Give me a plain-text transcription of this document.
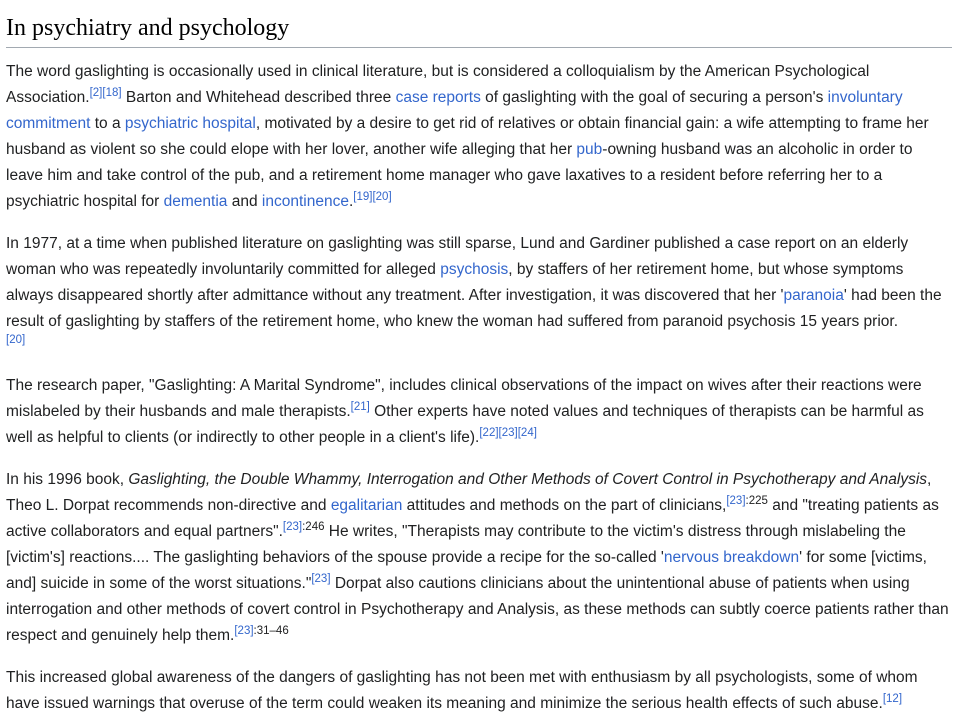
In psychiatry and psychology

The word gaslighting is occasionally used in clinical literature, but is considered a colloquialism by the American Psychological Association.[2][18] Barton and Whitehead described three case reports of gaslighting with the goal of securing a person's involuntary commitment to a psychiatric hospital, motivated by a desire to get rid of relatives or obtain financial gain: a wife attempting to frame her husband as violent so she could elope with her lover, another wife alleging that her pub-owning husband was an alcoholic in order to leave him and take control of the pub, and a retirement home manager who gave laxatives to a resident before referring her to a psychiatric hospital for dementia and incontinence.[19][20]

In 1977, at a time when published literature on gaslighting was still sparse, Lund and Gardiner published a case report on an elderly woman who was repeatedly involuntarily committed for alleged psychosis, by staffers of her retirement home, but whose symptoms always disappeared shortly after admittance without any treatment. After investigation, it was discovered that her 'paranoia' had been the result of gaslighting by staffers of the retirement home, who knew the woman had suffered from paranoid psychosis 15 years prior.

[20]

The research paper, "Gaslighting: A Marital Syndrome", includes clinical observations of the impact on wives after their reactions were mislabeled by their husbands and male therapists.[21] Other experts have noted values and techniques of therapists can be harmful as well as helpful to clients (or indirectly to other people in a client's life).[22][23][24]

In his 1996 book, Gaslighting, the Double Whammy, Interrogation and Other Methods of Covert Control in Psychotherapy and Analysis, Theo L. Dorpat recommends non-directive and egalitarian attitudes and methods on the part of clinicians,$^{[23]:225}$ and "treating patients as active collaborators and equal partners".$^{[23]:246}$ He writes, "Therapists may contribute to the victim's distress through mislabeling the [victim's] reactions.... The gaslighting behaviors of the spouse provide a recipe for the so-called 'nervous breakdown' for some [victims, and] suicide in some of the worst situations."[23] Dorpat also cautions clinicians about the unintentional abuse of patients when using interrogation and other methods of covert control in Psychotherapy and Analysis, as these methods can subtly coerce patients rather than respect and genuinely help them.$^{[23]:31-46}$

This increased global awareness of the dangers of gaslighting has not been met with enthusiasm by all psychologists, some of whom have issued warnings that overuse of the term could weaken its meaning and minimize the serious health effects of such abuse.[12]
